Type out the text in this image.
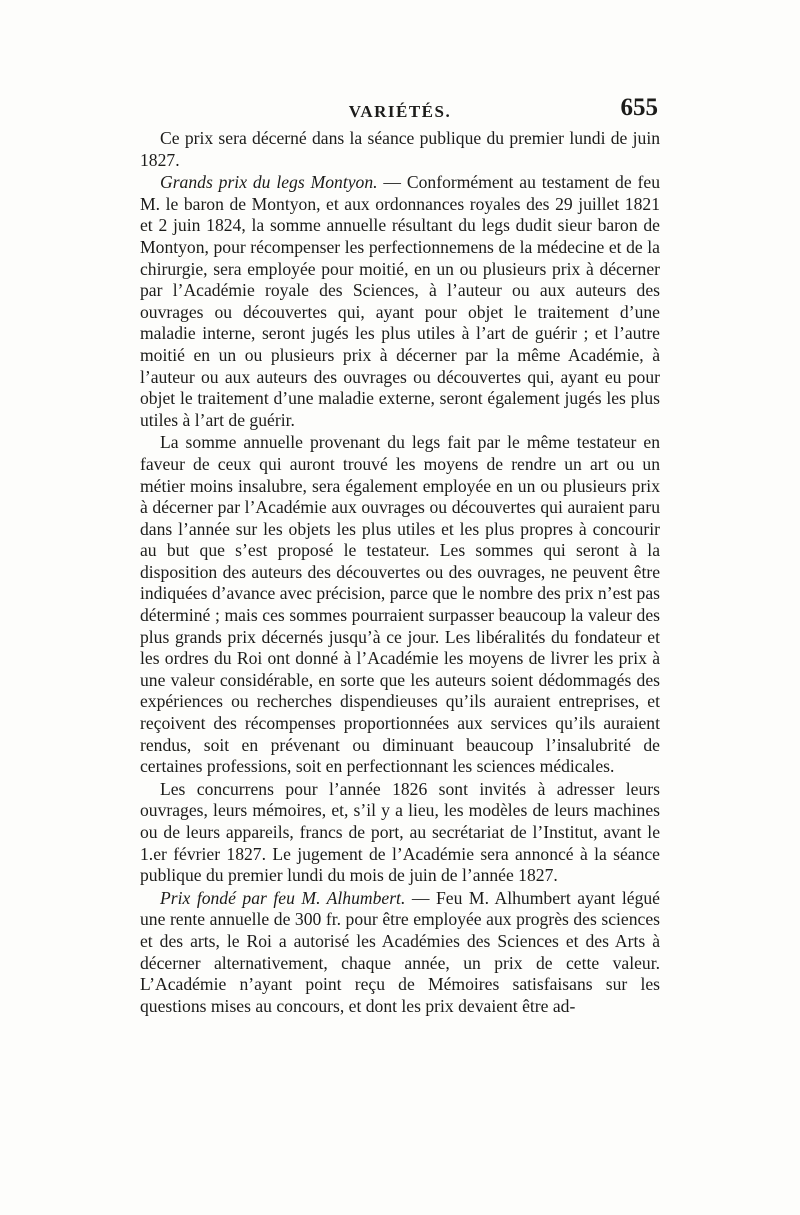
VARIÉTÉS.	655

Ce prix sera décerné dans la séance publique du premier lundi de juin 1827.

Grands prix du legs Montyon. — Conformément au testament de feu M. le baron de Montyon, et aux ordonnances royales des 29 juillet 1821 et 2 juin 1824, la somme annuelle résultant du legs dudit sieur baron de Montyon, pour récompenser les perfectionnemens de la médecine et de la chirurgie, sera employée pour moitié, en un ou plusieurs prix à décerner par l’Académie royale des Sciences, à l’auteur ou aux auteurs des ouvrages ou découvertes qui, ayant pour objet le traitement d’une maladie interne, seront jugés les plus utiles à l’art de guérir ; et l’autre moitié en un ou plusieurs prix à décerner par la même Académie, à l’auteur ou aux auteurs des ouvrages ou découvertes qui, ayant eu pour objet le traitement d’une maladie externe, seront également jugés les plus utiles à l’art de guérir.

La somme annuelle provenant du legs fait par le même testateur en faveur de ceux qui auront trouvé les moyens de rendre un art ou un métier moins insalubre, sera également employée en un ou plusieurs prix à décerner par l’Académie aux ouvrages ou découvertes qui auraient paru dans l’année sur les objets les plus utiles et les plus propres à concourir au but que s’est proposé le testateur. Les sommes qui seront à la disposition des auteurs des découvertes ou des ouvrages, ne peuvent être indiquées d’avance avec précision, parce que le nombre des prix n’est pas déterminé ; mais ces sommes pourraient surpasser beaucoup la valeur des plus grands prix décernés jusqu’à ce jour. Les libéralités du fondateur et les ordres du Roi ont donné à l’Académie les moyens de livrer les prix à une valeur considérable, en sorte que les auteurs soient dédommagés des expériences ou recherches dispendieuses qu’ils auraient entreprises, et reçoivent des récompenses proportionnées aux services qu’ils auraient rendus, soit en prévenant ou diminuant beaucoup l’insalubrité de certaines professions, soit en perfectionnant les sciences médicales.

Les concurrens pour l’année 1826 sont invités à adresser leurs ouvrages, leurs mémoires, et, s’il y a lieu, les modèles de leurs machines ou de leurs appareils, francs de port, au secrétariat de l’Institut, avant le 1.er février 1827. Le jugement de l’Académie sera annoncé à la séance publique du premier lundi du mois de juin de l’année 1827.

Prix fondé par feu M. Alhumbert. — Feu M. Alhumbert ayant légué une rente annuelle de 300 fr. pour être employée aux progrès des sciences et des arts, le Roi a autorisé les Académies des Sciences et des Arts à décerner alternativement, chaque année, un prix de cette valeur. L’Académie n’ayant point reçu de Mémoires satisfaisans sur les questions mises au concours, et dont les prix devaient être ad-
